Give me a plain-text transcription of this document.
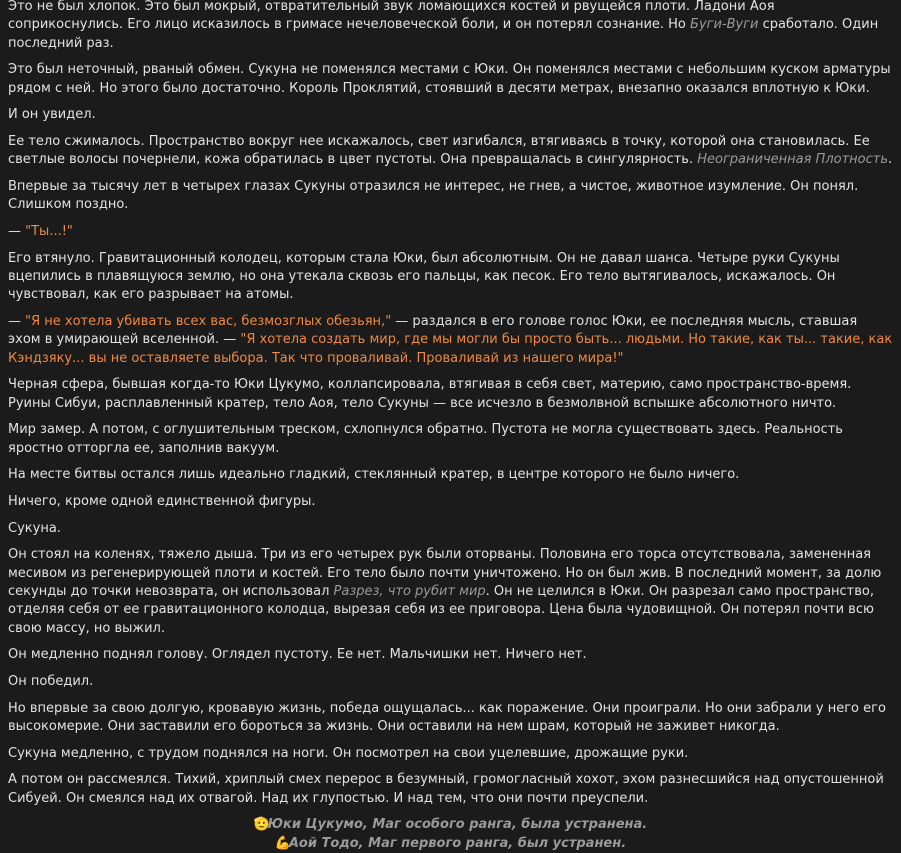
Это не был хлопок. Это был мокрый, отвратительный звук ломающихся костей и рвущейся плоти. Ладони Аоя соприкоснулись. Его лицо исказилось в гримасе нечеловеческой боли, и он потерял сознание. Но Буги-Вуги сработало. Один последний раз.

Это был неточный, рваный обмен. Сукуна не поменялся местами с Юки. Он поменялся местами с небольшим куском арматуры рядом с ней. Но этого было достаточно. Король Проклятий, стоявший в десяти метрах, внезапно оказался вплотную к Юки.

И он увидел.

Ее тело сжималось. Пространство вокруг нее искажалось, свет изгибался, втягиваясь в точку, которой она становилась. Ее светлые волосы почернели, кожа обратилась в цвет пустоты. Она превращалась в сингулярность. Неограниченная Плотность.

Впервые за тысячу лет в четырех глазах Сукуны отразился не интерес, не гнев, а чистое, животное изумление. Он понял. Слишком поздно.

— "Ты...!"

Его втянуло. Гравитационный колодец, которым стала Юки, был абсолютным. Он не давал шанса. Четыре руки Сукуны вцепились в плавящуюся землю, но она утекала сквозь его пальцы, как песок. Его тело вытягивалось, искажалось. Он чувствовал, как его разрывает на атомы.

— "Я не хотела убивать всех вас, безмозглых обезьян," — раздался в его голове голос Юки, ее последняя мысль, ставшая эхом в умирающей вселенной. — "Я хотела создать мир, где мы могли бы просто быть... людьми. Но такие, как ты... такие, как Кэндзяку... вы не оставляете выбора. Так что проваливай. Проваливай из нашего мира!"

Черная сфера, бывшая когда-то Юки Цукумо, коллапсировала, втягивая в себя свет, материю, само пространство-время. Руины Сибуи, расплавленный кратер, тело Аоя, тело Сукуны — все исчезло в безмолвной вспышке абсолютного ничто.

Мир замер. А потом, с оглушительным треском, схлопнулся обратно. Пустота не могла существовать здесь. Реальность яростно отторгла ее, заполнив вакуум.

На месте битвы остался лишь идеально гладкий, стеклянный кратер, в центре которого не было ничего.

Ничего, кроме одной единственной фигуры.

Сукуна.

Он стоял на коленях, тяжело дыша. Три из его четырех рук были оторваны. Половина его торса отсутствовала, замененная месивом из регенерирующей плоти и костей. Его тело было почти уничтожено. Но он был жив. В последний момент, за долю секунды до точки невозврата, он использовал Разрез, что рубит мир. Он не целился в Юки. Он разрезал само пространство, отделяя себя от ее гравитационного колодца, вырезая себя из ее приговора. Цена была чудовищной. Он потерял почти всю свою массу, но выжил.

Он медленно поднял голову. Оглядел пустоту. Ее нет. Мальчишки нет. Ничего нет.

Он победил.

Но впервые за свою долгую, кровавую жизнь, победа ощущалась... как поражение. Они проиграли. Но они забрали у него его высокомерие. Они заставили его бороться за жизнь. Они оставили на нем шрам, который не заживет никогда.

Сукуна медленно, с трудом поднялся на ноги. Он посмотрел на свои уцелевшие, дрожащие руки.

А потом он рассмеялся. Тихий, хриплый смех перерос в безумный, громогласный хохот, эхом разнесшийся над опустошенной Сибуей. Он смеялся над их отвагой. Над их глупостью. И над тем, что они почти преуспели.

🫡Юки Цукумо, Маг особого ранга, была устранена.

💪Аой Тодо, Маг первого ранга, был устранен.
